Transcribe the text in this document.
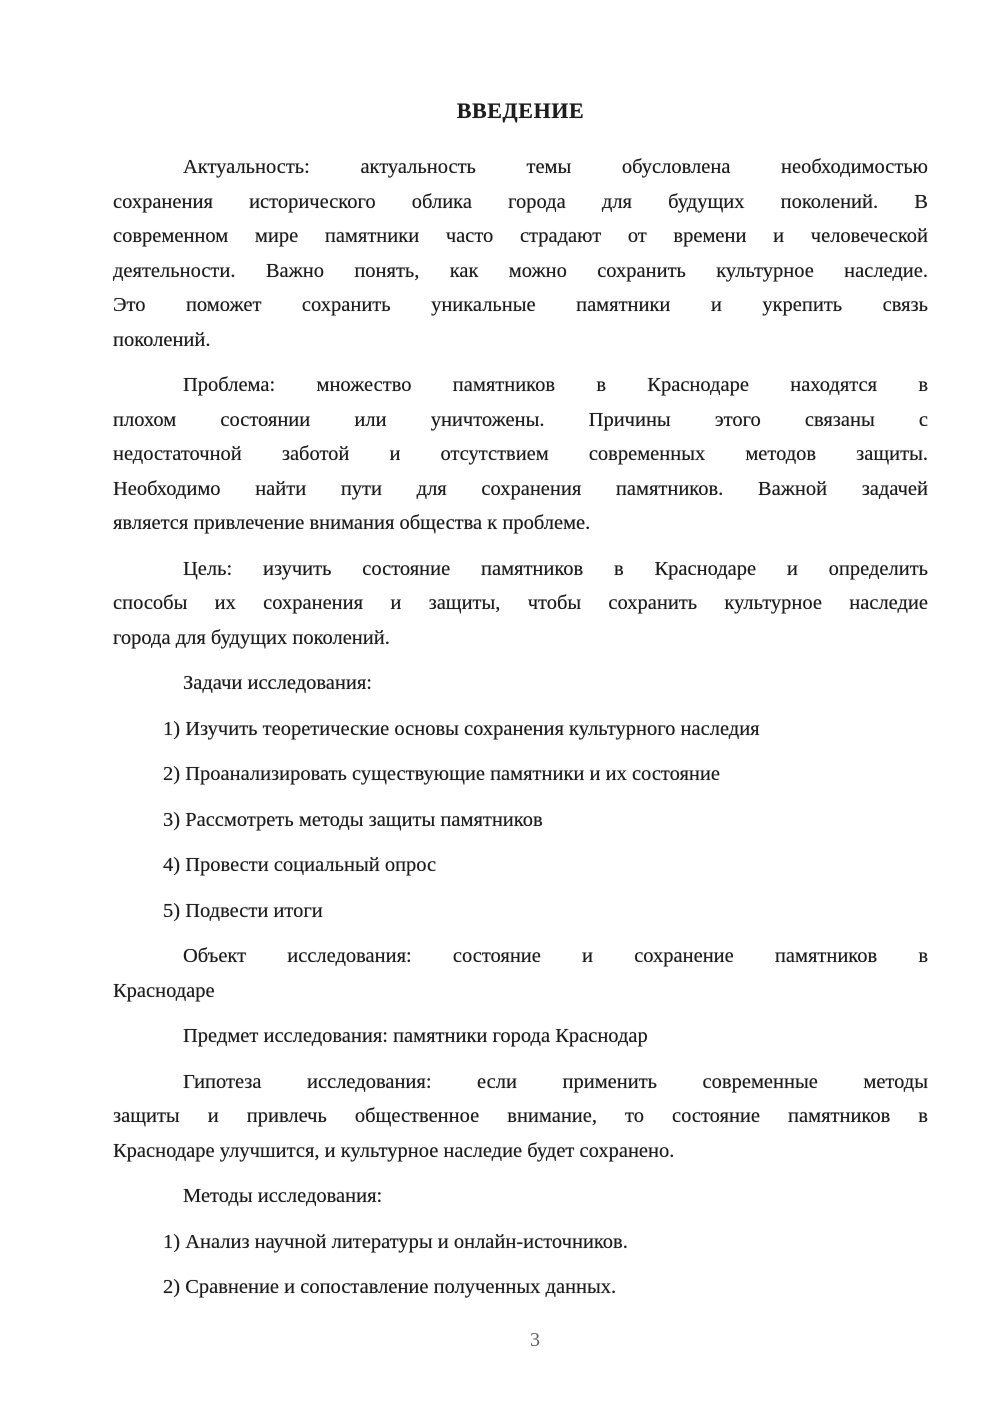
ВВЕДЕНИЕ
Актуальность: актуальность темы обусловлена необходимостью
сохранения исторического облика города для будущих поколений. В
современном мире памятники часто страдают от времени и человеческой
деятельности. Важно понять, как можно сохранить культурное наследие.
Это поможет сохранить уникальные памятники и укрепить связь
поколений.
Проблема: множество памятников в Краснодаре находятся в
плохом состоянии или уничтожены. Причины этого связаны с
недостаточной заботой и отсутствием современных методов защиты.
Необходимо найти пути для сохранения памятников. Важной задачей
является привлечение внимания общества к проблеме.
Цель: изучить состояние памятников в Краснодаре и определить
способы их сохранения и защиты, чтобы сохранить культурное наследие
города для будущих поколений.
Задачи исследования:
1) Изучить теоретические основы сохранения культурного наследия
2) Проанализировать существующие памятники и их состояние
3) Рассмотреть методы защиты памятников
4) Провести социальный опрос
5) Подвести итоги
Объект исследования: состояние и сохранение памятников в
Краснодаре
Предмет исследования: памятники города Краснодар
Гипотеза исследования: если применить современные методы
защиты и привлечь общественное внимание, то состояние памятников в
Краснодаре улучшится, и культурное наследие будет сохранено.
Методы исследования:
1) Анализ научной литературы и онлайн-источников.
2) Сравнение и сопоставление полученных данных.
3
